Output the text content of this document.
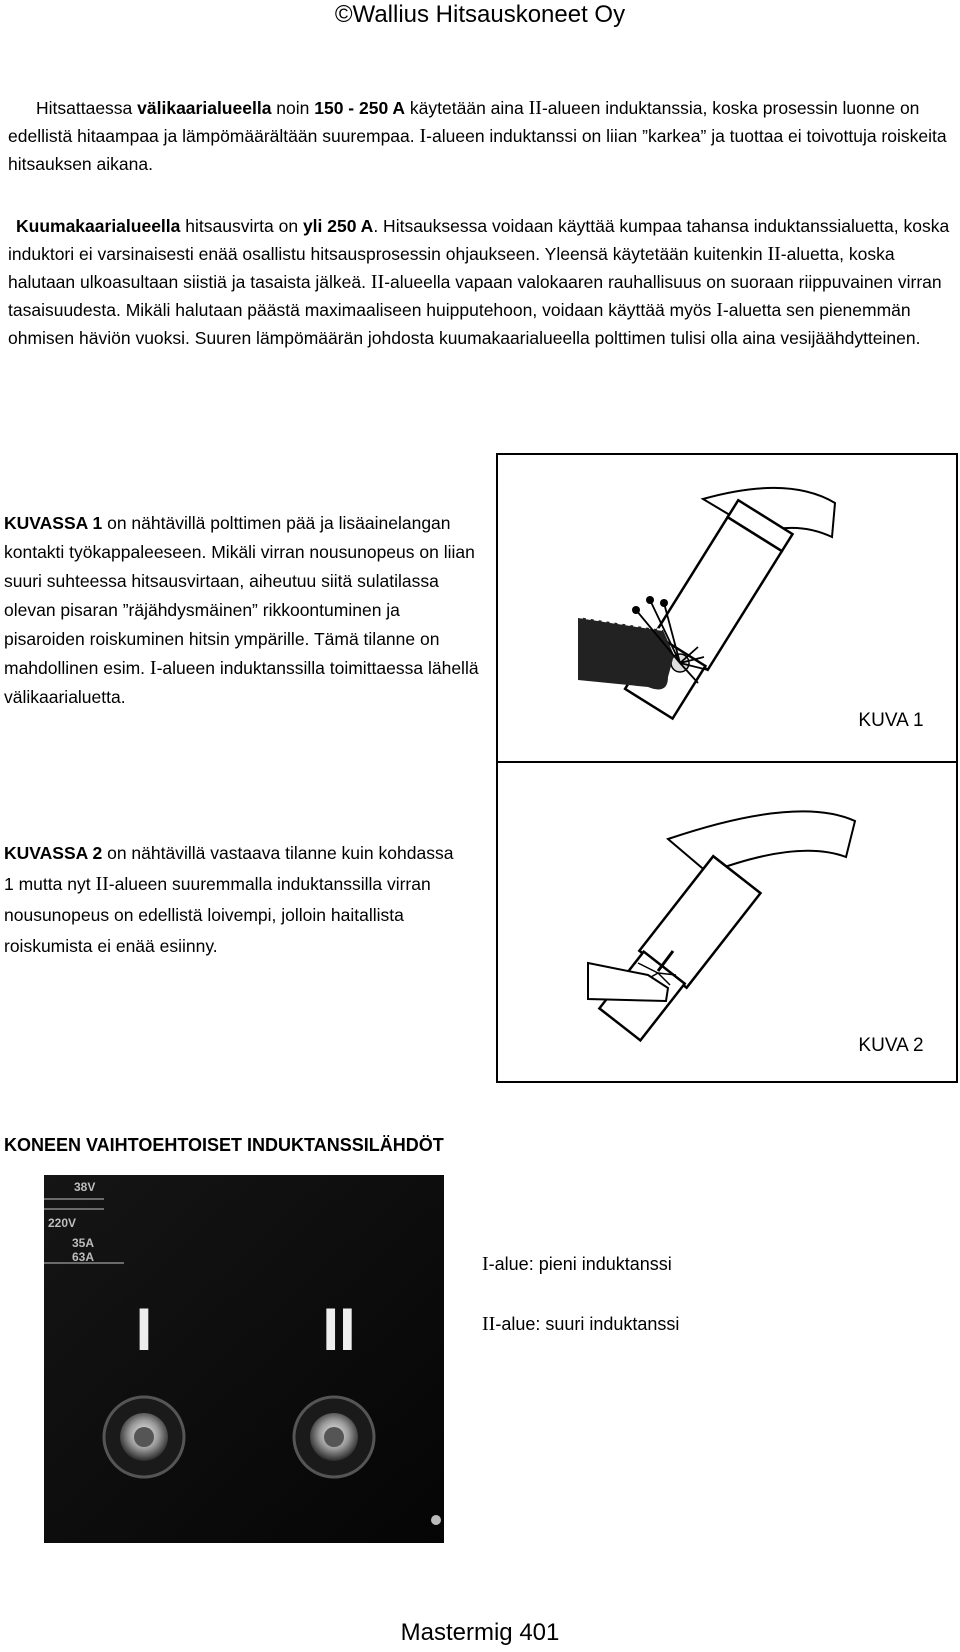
©Wallius Hitsauskoneet Oy
Hitsattaessa välikaarialueella noin 150 - 250 A käytetään aina II-alueen induktanssia, koska prosessin luonne on edellistä hitaampaa ja lämpömäärältään suurempaa. I-alueen induktanssi on liian ”karkea” ja tuottaa ei toivottuja roiskeita hitsauksen aikana.
Kuumakaarialueella hitsausvirta on yli 250 A. Hitsauksessa voidaan käyttää kumpaa tahansa induktanssialuetta, koska induktori ei varsinaisesti enää osallistu hitsausprosessin ohjaukseen. Yleensä käytetään kuitenkin II-aluetta, koska halutaan ulkoasultaan siistiä ja tasaista jälkeä. II-alueella vapaan valokaaren rauhallisuus on suoraan riippuvainen virran tasaisuudesta. Mikäli halutaan päästä maximaaliseen huipputehoon, voidaan käyttää myös I-aluetta sen pienemmän ohmisen häviön vuoksi. Suuren lämpömäärän johdosta kuumakaarialueella polttimen tulisi olla aina vesijäähdytteinen.
KUVASSA 1 on nähtävillä polttimen pää ja lisäainelangan kontakti työkappaleeseen. Mikäli virran nousunopeus on liian suuri suhteessa hitsausvirtaan, aiheutuu siitä sulatilassa olevan pisaran ”räjähdysmäinen” rikkoontuminen ja pisaroiden roiskuminen hitsin ympärille. Tämä tilanne on mahdollinen esim. I-alueen induktanssilla toimittaessa lähellä välikaarialuetta.
KUVASSA 2 on nähtävillä vastaava tilanne kuin kohdassa 1 mutta nyt II-alueen suuremmalla induktanssilla virran nousunopeus on edellistä loivempi, jolloin haitallista roiskumista ei enää esiinny.
KUVA 1
KUVA 2
KONEEN VAIHTOEHTOISET INDUKTANSSILÄHDÖT
38V
220V
35A
63A
I	II
I-alue: pieni induktanssi
II-alue: suuri induktanssi
Mastermig 401
